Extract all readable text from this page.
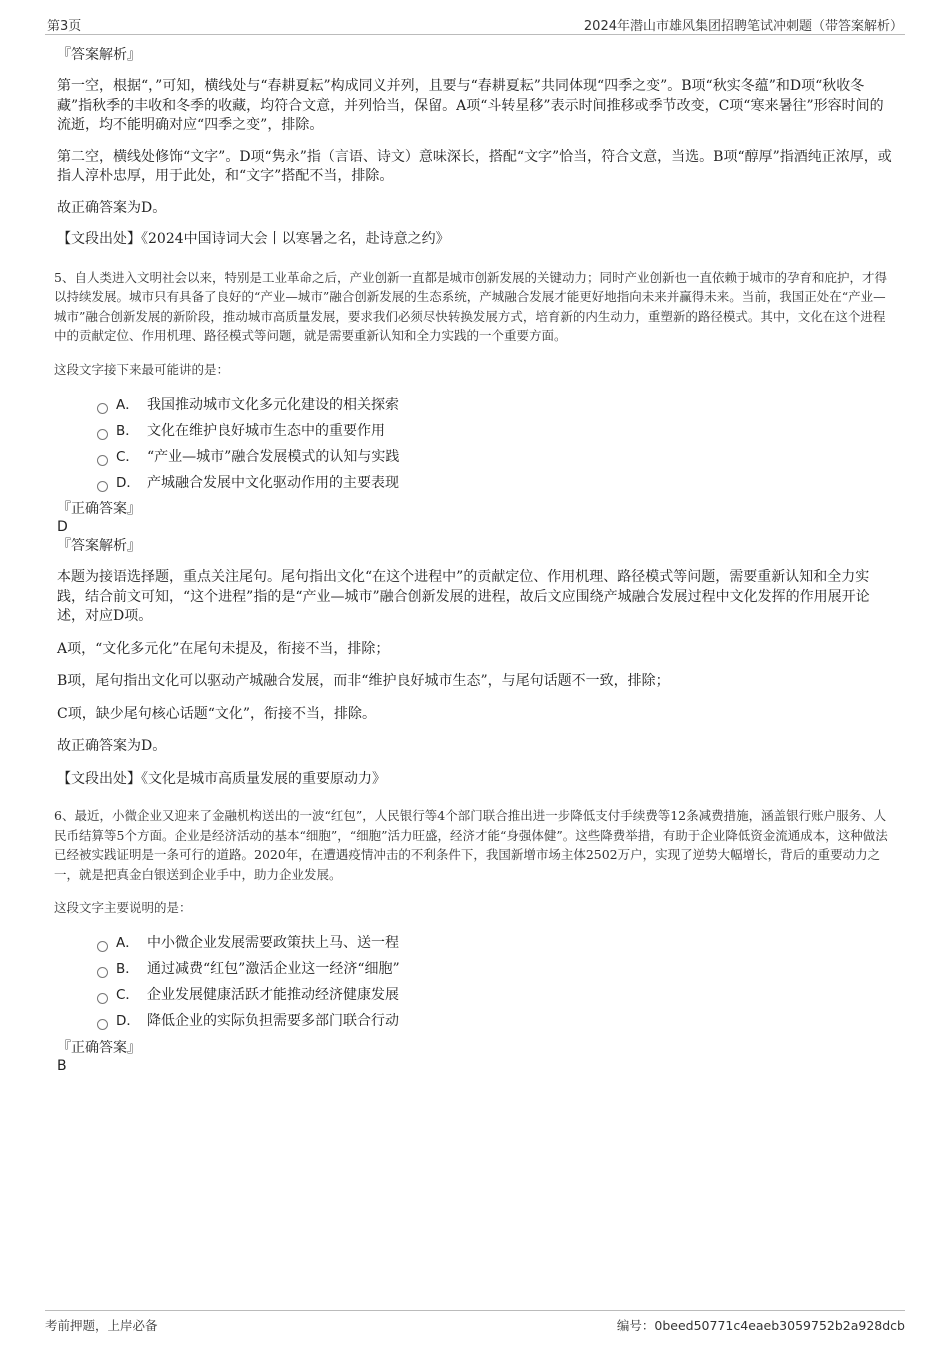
第3页	2024年潜山市雄风集团招聘笔试冲刺题（带答案解析）

『答案解析』

第一空，根据“，”可知，横线处与“春耕夏耘”构成同义并列，且要与“春耕夏耘”共同体现“四季之变”。B项“秋实冬蕴”和D项“秋收冬藏”指秋季的丰收和冬季的收藏，均符合文意，并列恰当，保留。A项“斗转星移”表示时间推移或季节改变，C项“寒来暑往”形容时间的流逝，均不能明确对应“四季之变”，排除。

第二空，横线处修饰“文字”。D项“隽永”指（言语、诗文）意味深长，搭配“文字”恰当，符合文意，当选。B项“醇厚”指酒纯正浓厚，或指人淳朴忠厚，用于此处，和“文字”搭配不当，排除。

故正确答案为D。

【文段出处】《2024中国诗词大会丨以寒暑之名，赴诗意之约》

5、自人类进入文明社会以来，特别是工业革命之后，产业创新一直都是城市创新发展的关键动力；同时产业创新也一直依赖于城市的孕育和庇护，才得以持续发展。城市只有具备了良好的“产业—城市”融合创新发展的生态系统，产城融合发展才能更好地指向未来并赢得未来。当前，我国正处在“产业—城市”融合创新发展的新阶段，推动城市高质量发展，要求我们必须尽快转换发展方式，培育新的内生动力，重塑新的路径模式。其中，文化在这个进程中的贡献定位、作用机理、路径模式等问题，就是需要重新认知和全力实践的一个重要方面。

这段文字接下来最可能讲的是：

A． 我国推动城市文化多元化建设的相关探索
B． 文化在维护良好城市生态中的重要作用
C． “产业—城市”融合发展模式的认知与实践
D． 产城融合发展中文化驱动作用的主要表现

『正确答案』

D

『答案解析』

本题为接语选择题，重点关注尾句。尾句指出文化“在这个进程中”的贡献定位、作用机理、路径模式等问题，需要重新认知和全力实践，结合前文可知，“这个进程”指的是“产业—城市”融合创新发展的进程，故后文应围绕产城融合发展过程中文化发挥的作用展开论述，对应D项。

A项，“文化多元化”在尾句未提及，衔接不当，排除；

B项，尾句指出文化可以驱动产城融合发展，而非“维护良好城市生态”，与尾句话题不一致，排除；

C项，缺少尾句核心话题“文化”，衔接不当，排除。

故正确答案为D。

【文段出处】《文化是城市高质量发展的重要原动力》

6、最近，小微企业又迎来了金融机构送出的一波“红包”，人民银行等4个部门联合推出进一步降低支付手续费等12条减费措施，涵盖银行账户服务、人民币结算等5个方面。企业是经济活动的基本“细胞”，“细胞”活力旺盛，经济才能“身强体健”。这些降费举措，有助于企业降低资金流通成本，这种做法已经被实践证明是一条可行的道路。2020年，在遭遇疫情冲击的不利条件下，我国新增市场主体2502万户，实现了逆势大幅增长，背后的重要动力之一，就是把真金白银送到企业手中，助力企业发展。

这段文字主要说明的是：

A． 中小微企业发展需要政策扶上马、送一程
B． 通过减费“红包”激活企业这一经济“细胞”
C． 企业发展健康活跃才能推动经济健康发展
D． 降低企业的实际负担需要多部门联合行动

『正确答案』

B

考前押题，上岸必备	编号：0beed50771c4eaeb3059752b2a928dcb
